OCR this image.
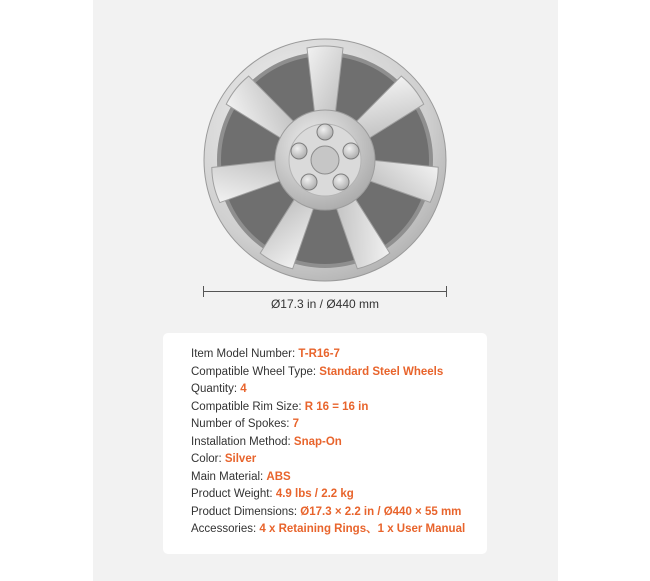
Ø17.3 in / Ø440 mm
Item Model Number: T-R16-7
Compatible Wheel Type: Standard Steel Wheels
Quantity: 4
Compatible Rim Size: R 16 = 16 in
Number of Spokes: 7
Installation Method: Snap-On
Color: Silver
Main Material: ABS
Product Weight: 4.9 lbs / 2.2 kg
Product Dimensions: Ø17.3 × 2.2 in / Ø440 × 55 mm
Accessories: 4 x Retaining Rings、1 x User Manual
